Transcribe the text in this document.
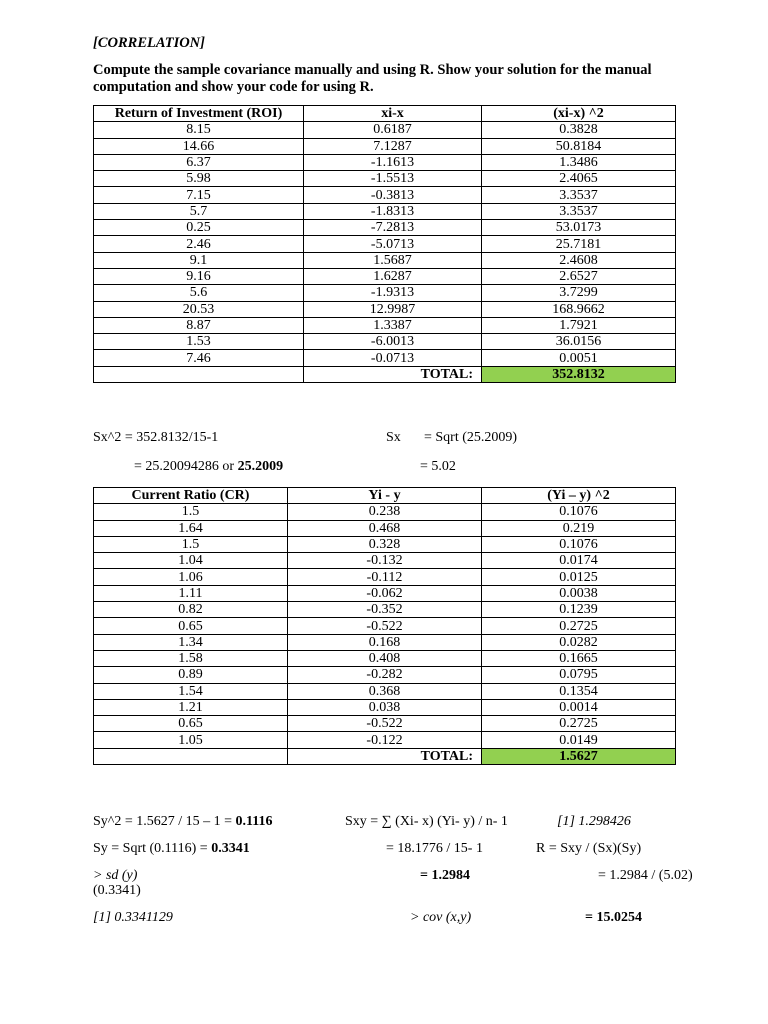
[CORRELATION]
Compute the sample covariance manually and using R. Show your solution for the manual computation and show your code for using R.
Return of Investment (ROI)	xi-x	(xi-x) ^2
8.15	0.6187	0.3828
14.66	7.1287	50.8184
6.37	-1.1613	1.3486
5.98	-1.5513	2.4065
7.15	-0.3813	3.3537
5.7	-1.8313	3.3537
0.25	-7.2813	53.0173
2.46	-5.0713	25.7181
9.1	1.5687	2.4608
9.16	1.6287	2.6527
5.6	-1.9313	3.7299
20.53	12.9987	168.9662
8.87	1.3387	1.7921
1.53	-6.0013	36.0156
7.46	-0.0713	0.0051
	TOTAL:	352.8132
Sx^2 = 352.8132/15-1	Sx = Sqrt (25.2009)
= 25.20094286 or 25.2009	= 5.02
Current Ratio (CR)	Yi - y	(Yi – y) ^2
1.5	0.238	0.1076
1.64	0.468	0.219
1.5	0.328	0.1076
1.04	-0.132	0.0174
1.06	-0.112	0.0125
1.11	-0.062	0.0038
0.82	-0.352	0.1239
0.65	-0.522	0.2725
1.34	0.168	0.0282
1.58	0.408	0.1665
0.89	-0.282	0.0795
1.54	0.368	0.1354
1.21	0.038	0.0014
0.65	-0.522	0.2725
1.05	-0.122	0.0149
	TOTAL:	1.5627
Sy^2 = 1.5627 / 15 – 1 = 0.1116	Sxy = ∑ (Xi- x) (Yi- y) / n- 1	[1] 1.298426
Sy = Sqrt (0.1116) = 0.3341	= 18.1776 / 15- 1	R = Sxy / (Sx)(Sy)
> sd (y)	= 1.2984	= 1.2984 / (5.02)
(0.3341)
[1] 0.3341129	> cov (x,y)	= 15.0254
